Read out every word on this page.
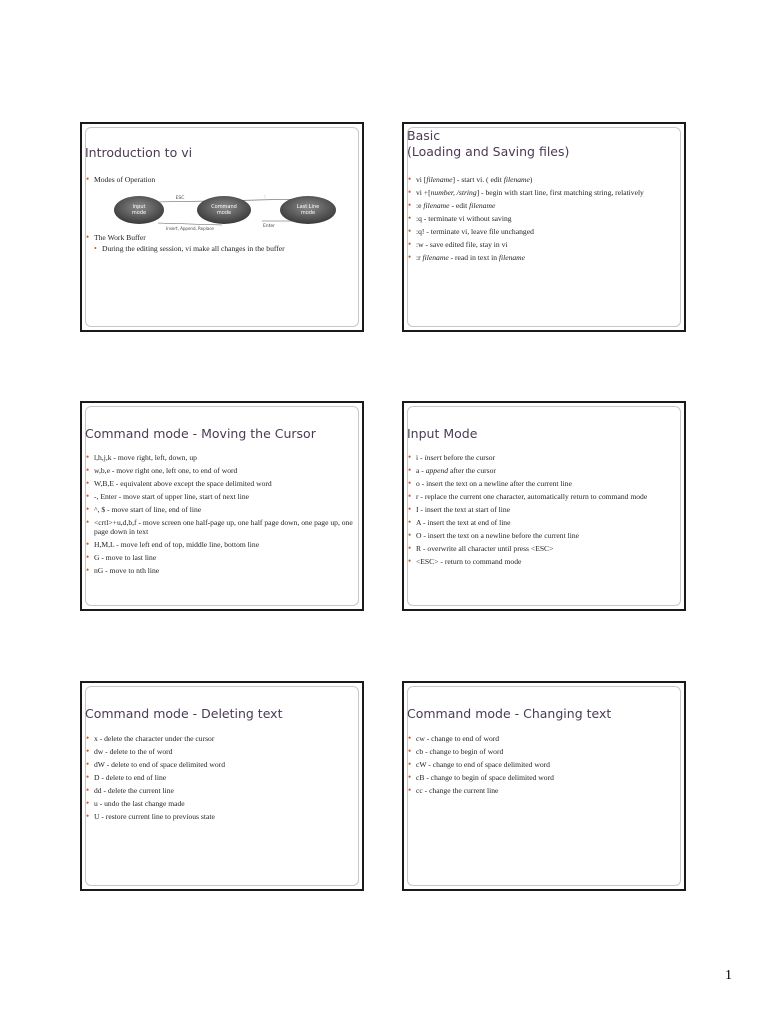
Introduction to vi
• Modes of Operation
Input
mode
Command
mode
Last Line
mode
ESC	:
Insert, Append, Replace	Enter
• The Work Buffer
• During the editing session, vi make all changes in the buffer
Basic
(Loading and Saving files)
• vi [filename] - start vi. ( edit filename)
• vi +[number, /string] - begin with start line, first matching string, relatively
• :e filename - edit filename
• :q - terminate vi without saving
• :q! - terminate vi, leave file unchanged
• :w - save edited file, stay in vi
• :r filename - read in text in filename
Command mode - Moving the Cursor
• l,h,j,k - move right, left, down, up
• w,b,e - move right one, left one, to end of word
• W,B,E - equivalent above except the space delimited word
• -, Enter - move start of upper line, start of next line
• ^, $ - move start of line, end of line
• <crtl>+u,d,b,f - move screen one half-page up, one half page down, one page up, one page down in text
• H,M,L - move left end of top, middle line, bottom line
• G - move to last line
• nG - move to nth line
Input Mode
• i - insert before the cursor
• a - append after the cursor
• o - insert the text on a newline after the current line
• r - replace the current one character, automatically return to command mode
• I - insert the text at start of line
• A - insert the text at end of line
• O - insert the text on a newline before the current line
• R - overwrite all character until press <ESC>
• <ESC> - return to command mode
Command mode - Deleting text
• x - delete the character under the cursor
• dw - delete to the of word
• dW - delete to end of space delimited word
• D - delete to end of line
• dd - delete the current line
• u - undo the last change made
• U - restore current line to previous state
Command mode - Changing text
• cw - change to end of word
• cb - change to begin of word
• cW - change to end of space delimited word
• cB - change to begin of space delimited word
• cc - change the current line
1
